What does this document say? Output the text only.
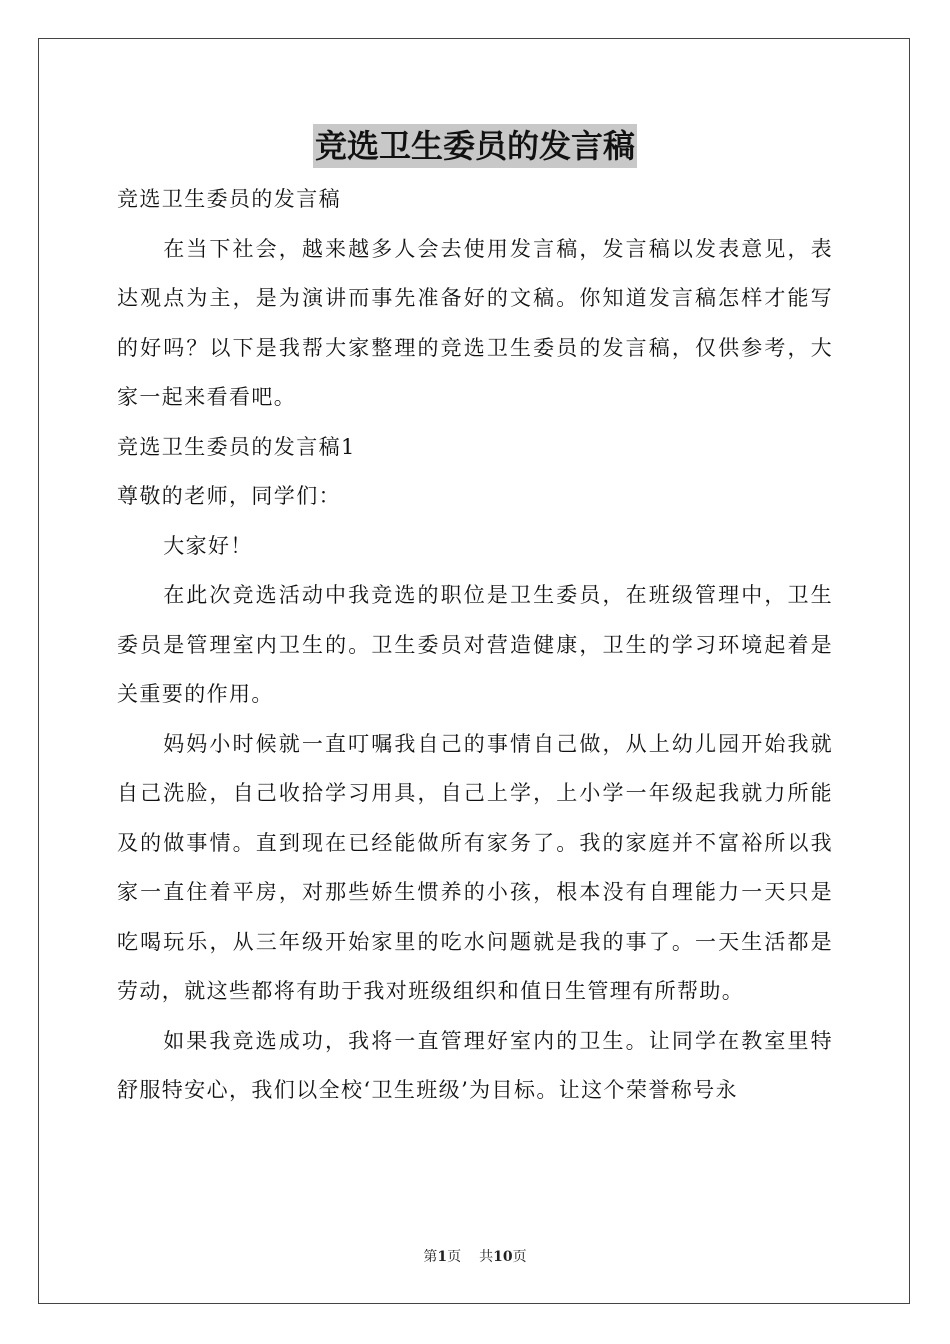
竞选卫生委员的发言稿

竞选卫生委员的发言稿

在当下社会，越来越多人会去使用发言稿，发言稿以发表意见，表达观点为主，是为演讲而事先准备好的文稿。你知道发言稿怎样才能写的好吗？以下是我帮大家整理的竞选卫生委员的发言稿，仅供参考，大家一起来看看吧。

竞选卫生委员的发言稿1

尊敬的老师，同学们：

大家好！

在此次竞选活动中我竞选的职位是卫生委员，在班级管理中，卫生委员是管理室内卫生的。卫生委员对营造健康，卫生的学习环境起着是关重要的作用。

妈妈小时候就一直叮嘱我自己的事情自己做，从上幼儿园开始我就自己洗脸，自己收拾学习用具，自己上学，上小学一年级起我就力所能及的做事情。直到现在已经能做所有家务了。我的家庭并不富裕所以我家一直住着平房，对那些娇生惯养的小孩，根本没有自理能力一天只是吃喝玩乐，从三年级开始家里的吃水问题就是我的事了。一天生活都是劳动，就这些都将有助于我对班级组织和值日生管理有所帮助。

如果我竞选成功，我将一直管理好室内的卫生。让同学在教室里特舒服特安心，我们以全校‘卫生班级’为目标。让这个荣誉称号永

第1页 共10页
